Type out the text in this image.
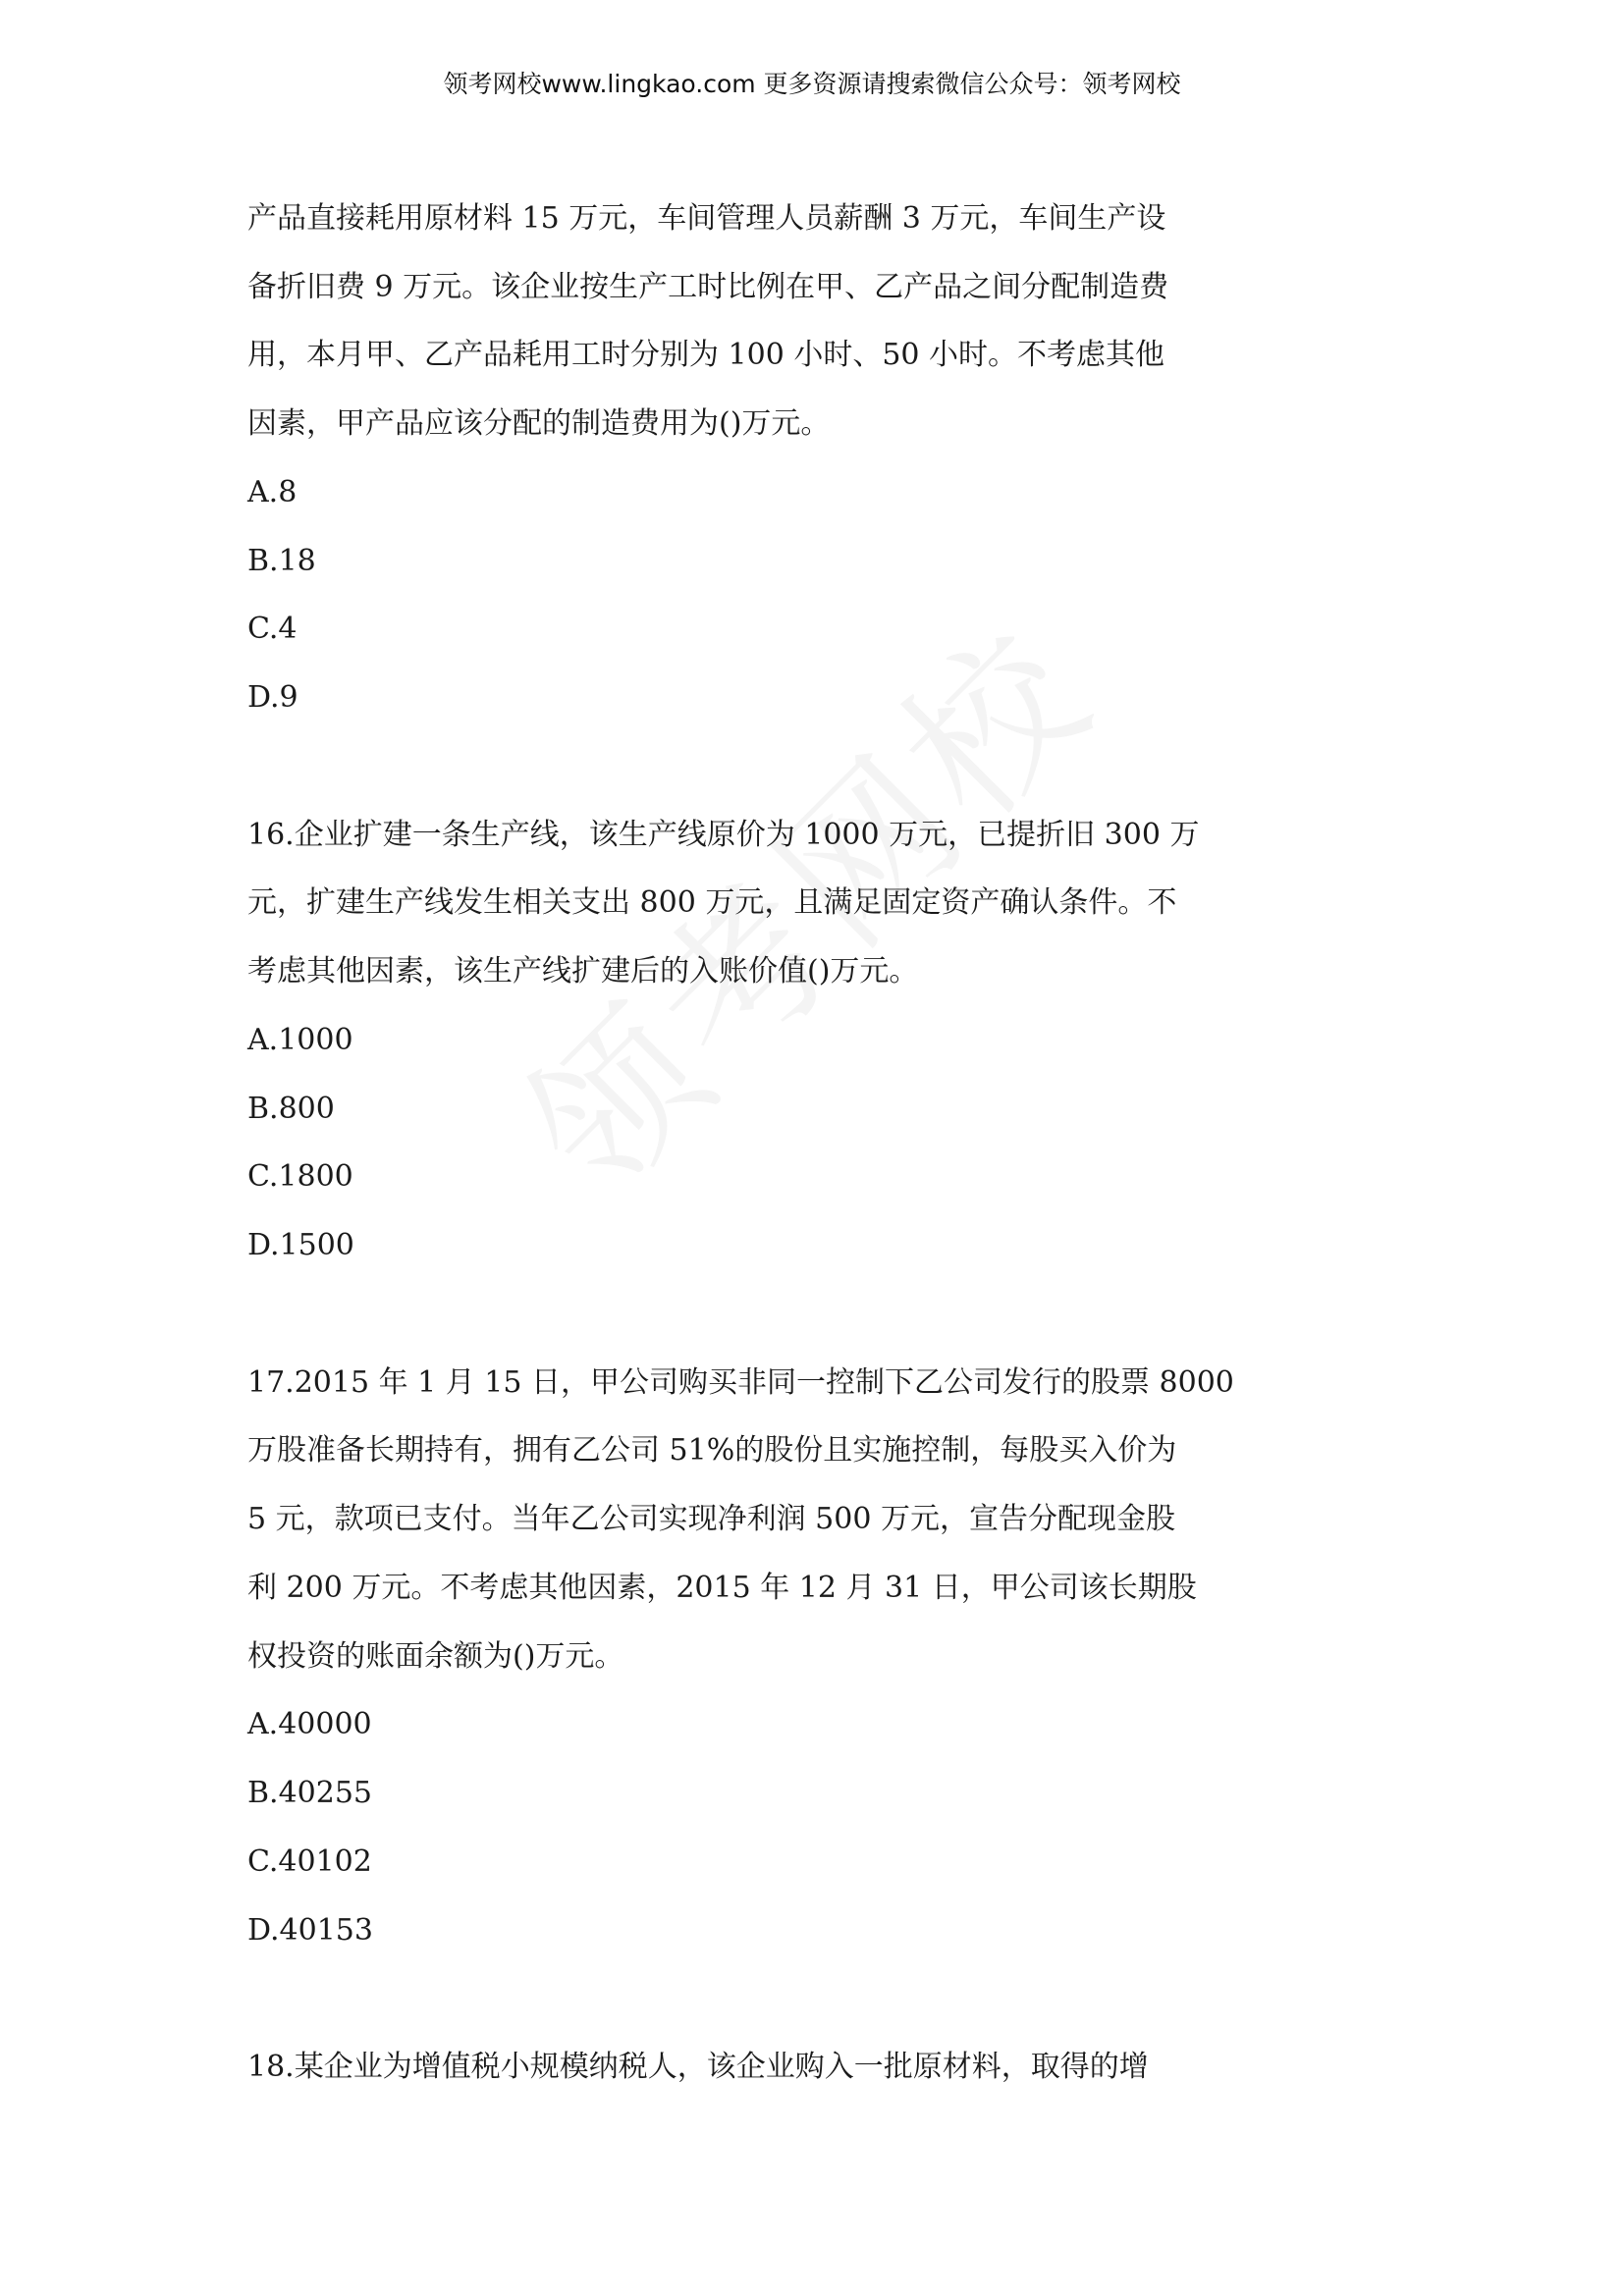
领考网校www.lingkao.com 更多资源请搜索微信公众号：领考网校
产品直接耗用原材料 15 万元，车间管理人员薪酬 3 万元，车间生产设
备折旧费 9 万元。该企业按生产工时比例在甲、乙产品之间分配制造费
用，本月甲、乙产品耗用工时分别为 100 小时、50 小时。不考虑其他
因素，甲产品应该分配的制造费用为()万元。
A.8
B.18
C.4
D.9
16.企业扩建一条生产线，该生产线原价为 1000 万元，已提折旧 300 万
元，扩建生产线发生相关支出 800 万元，且满足固定资产确认条件。不
考虑其他因素，该生产线扩建后的入账价值()万元。
A.1000
B.800
C.1800
D.1500
17.2015 年 1 月 15 日，甲公司购买非同一控制下乙公司发行的股票 8000
万股准备长期持有，拥有乙公司 51%的股份且实施控制，每股买入价为
5 元，款项已支付。当年乙公司实现净利润 500 万元，宣告分配现金股
利 200 万元。不考虑其他因素，2015 年 12 月 31 日，甲公司该长期股
权投资的账面余额为()万元。
A.40000
B.40255
C.40102
D.40153
18.某企业为增值税小规模纳税人，该企业购入一批原材料，取得的增
